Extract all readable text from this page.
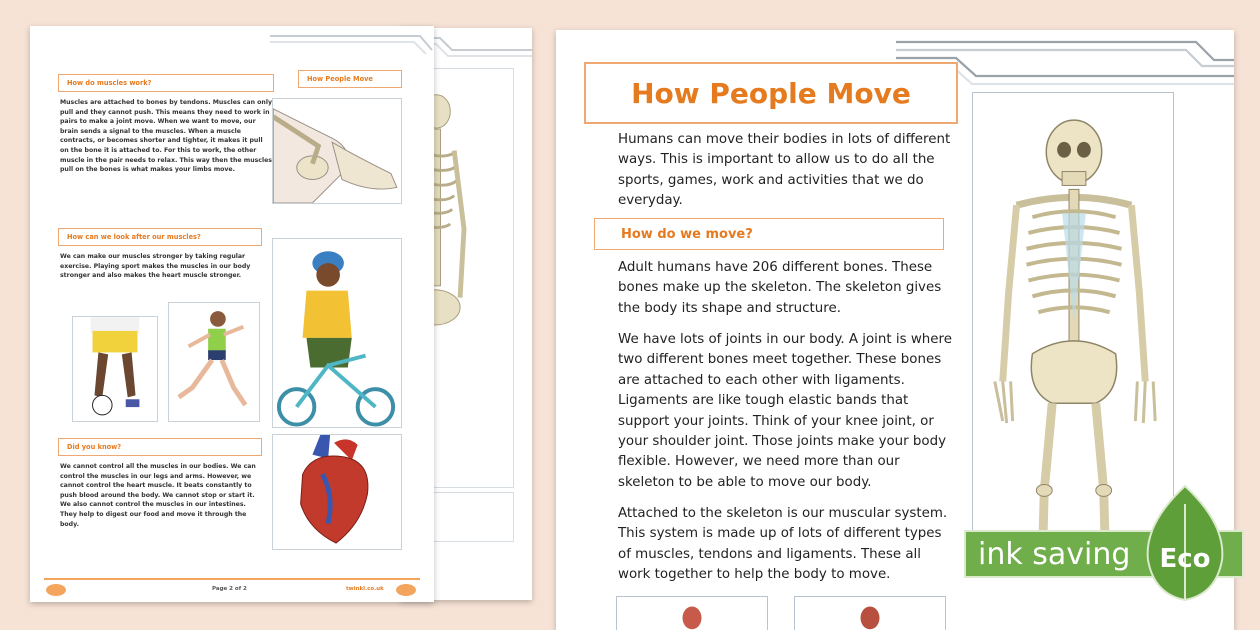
How do muscles work?
Muscles are attached to bones by tendons. Muscles can only pull and they cannot push. This means they need to work in pairs to make a joint move. When we want to move, our brain sends a signal to the muscles. When a muscle contracts, or becomes shorter and tighter, it makes it pull on the bone it is attached to. For this to work, the other muscle in the pair needs to relax. This way then the muscles pull on the bones is what makes your limbs move.
How People Move
How can we look after our muscles?
We can make our muscles stronger by taking regular exercise. Playing sport makes the muscles in our body stronger and also makes the heart muscle stronger.
Did you know?
We cannot control all the muscles in our bodies. We can control the muscles in our legs and arms. However, we cannot control the heart muscle. It beats constantly to push blood around the body. We cannot stop or start it. We also cannot control the muscles in our intestines. They help to digest our food and move it through the body.
Page 2 of 2	twinkl.co.uk
How People Move
Humans can move their bodies in lots of different ways. This is important to allow us to do all the sports, games, work and activities that we do everyday.
How do we move?
Adult humans have 206 different bones. These bones make up the skeleton. The skeleton gives the body its shape and structure.
We have lots of joints in our body. A joint is where two different bones meet together. These bones are attached to each other with ligaments. Ligaments are like tough elastic bands that support your joints. Think of your knee joint, or your shoulder joint. Those joints make your body flexible. However, we need more than our skeleton to be able to move our body.
Attached to the skeleton is our muscular system. This system is made up of lots of different types of muscles, tendons and ligaments. These all work together to help the body to move.
ink saving Eco
